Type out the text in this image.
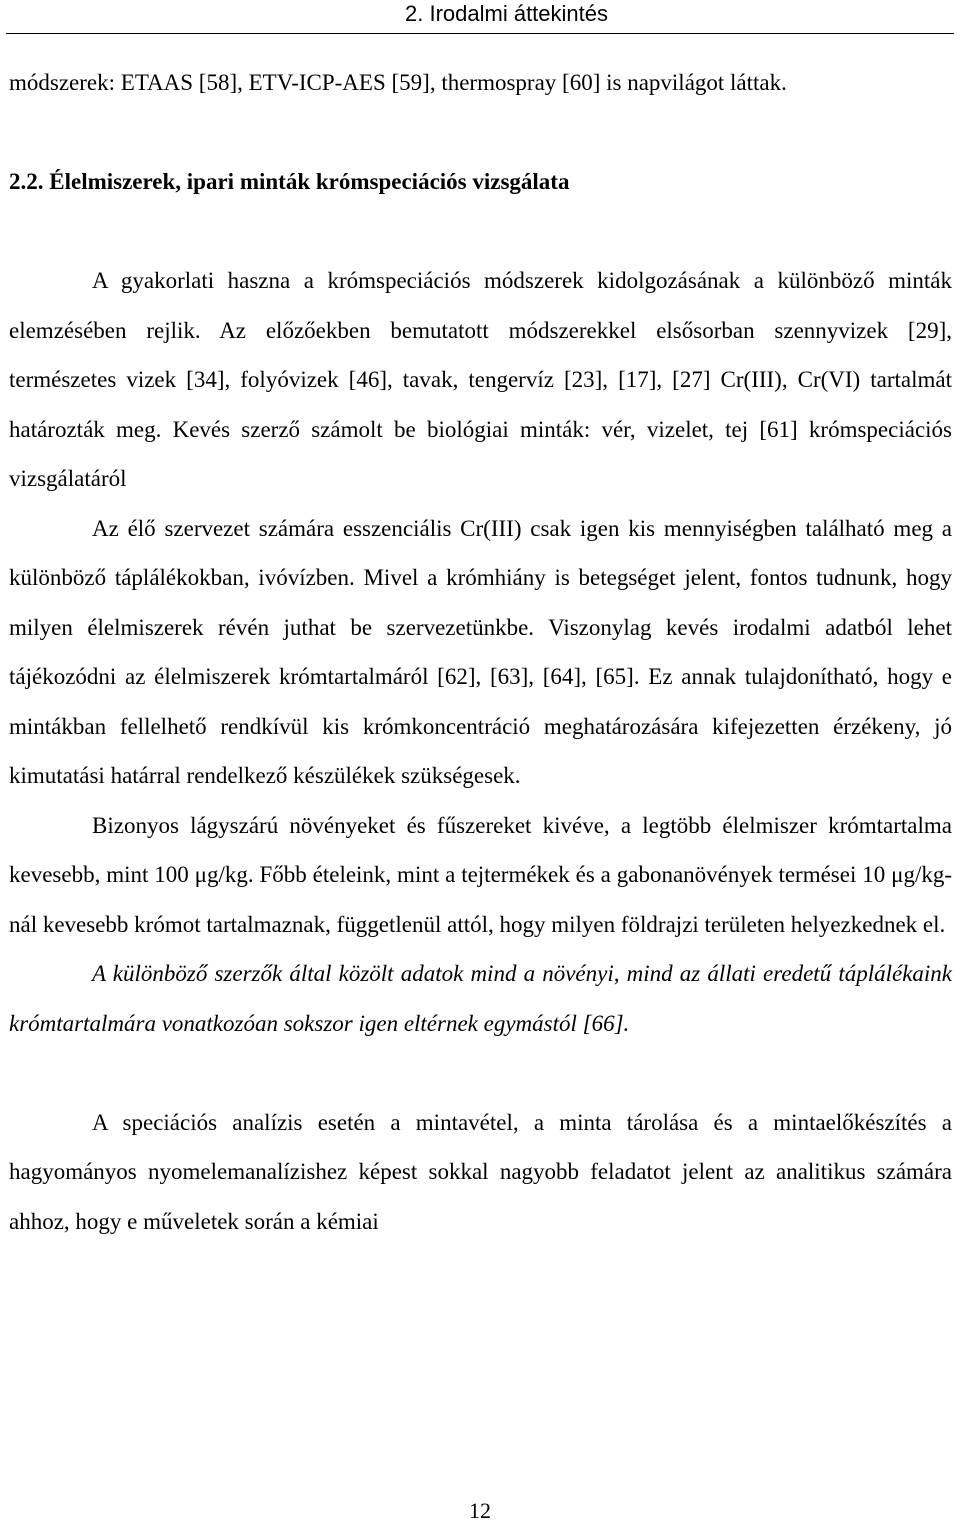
2. Irodalmi áttekintés

módszerek: ETAAS [58], ETV-ICP-AES [59], thermospray [60] is napvilágot láttak.

2.2. Élelmiszerek, ipari minták krómspeciációs vizsgálata

A gyakorlati haszna a krómspeciációs módszerek kidolgozásának a különböző minták elemzésében rejlik. Az előzőekben bemutatott módszerekkel elsősorban szennyvizek [29], természetes vizek [34], folyóvizek [46], tavak, tengervíz [23], [17], [27] Cr(III), Cr(VI) tartalmát határozták meg. Kevés szerző számolt be biológiai minták: vér, vizelet, tej [61] krómspeciációs vizsgálatáról

Az élő szervezet számára esszenciális Cr(III) csak igen kis mennyiségben található meg a különböző táplálékokban, ivóvízben. Mivel a krómhiány is betegséget jelent, fontos tudnunk, hogy milyen élelmiszerek révén juthat be szervezetünkbe. Viszonylag kevés irodalmi adatból lehet tájékozódni az élelmiszerek krómtartalmáról [62], [63], [64], [65]. Ez annak tulajdonítható, hogy e mintákban fellelhető rendkívül kis krómkoncentráció meghatározására kifejezetten érzékeny, jó kimutatási határral rendelkező készülékek szükségesek.

Bizonyos lágyszárú növényeket és fűszereket kivéve, a legtöbb élelmiszer krómtartalma kevesebb, mint 100 μg/kg. Főbb ételeink, mint a tejtermékek és a gabonanövények termései 10 μg/kg-nál kevesebb krómot tartalmaznak, függetlenül attól, hogy milyen földrajzi területen helyezkednek el.

A különböző szerzők által közölt adatok mind a növényi, mind az állati eredetű táplálékaink krómtartalmára vonatkozóan sokszor igen eltérnek egymástól [66].

A speciációs analízis esetén a mintavétel, a minta tárolása és a mintaelőkészítés a hagyományos nyomelemanalízishez képest sokkal nagyobb feladatot jelent az analitikus számára ahhoz, hogy e műveletek során a kémiai

12
